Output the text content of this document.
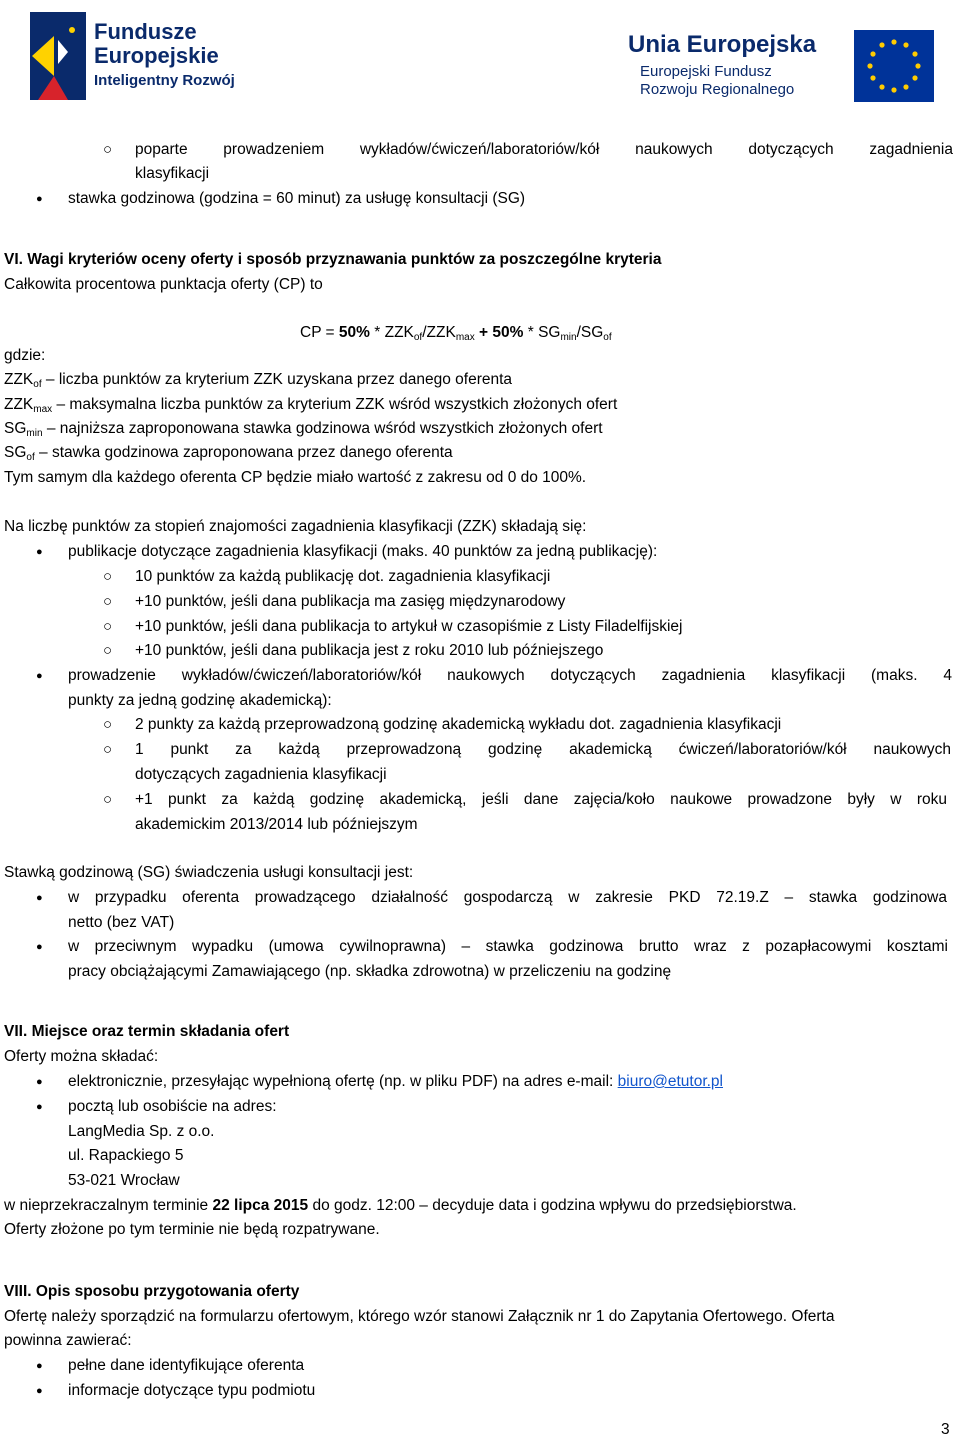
Fundusze
Europejskie
Inteligentny Rozwój
Unia Europejska
Europejski Fundusz
Rozwoju Regionalnego
○ poparte prowadzeniem wykładów/ćwiczeń/laboratoriów/kół naukowych dotyczących zagadnienia
klasyfikacji
● stawka godzinowa (godzina = 60 minut) za usługę konsultacji (SG)
VI. Wagi kryteriów oceny oferty i sposób przyznawania punktów za poszczególne kryteria
Całkowita procentowa punktacja oferty (CP) to
CP = $50\% * ZZK_{of}/ZZK_{max} + 50\% * SG_{min}/SG_{of}$
gdzie:
$ZZK_{of}$ – liczba punktów za kryterium ZZK uzyskana przez danego oferenta
$ZZK_{max}$ – maksymalna liczba punktów za kryterium ZZK wśród wszystkich złożonych ofert
$SG_{min}$ – najniższa zaproponowana stawka godzinowa wśród wszystkich złożonych ofert
$SG_{of}$ – stawka godzinowa zaproponowana przez danego oferenta
Tym samym dla każdego oferenta CP będzie miało wartość z zakresu od 0 do 100%.
Na liczbę punktów za stopień znajomości zagadnienia klasyfikacji (ZZK) składają się:
● publikacje dotyczące zagadnienia klasyfikacji (maks. 40 punktów za jedną publikację):
○ 10 punktów za każdą publikację dot. zagadnienia klasyfikacji
○ +10 punktów, jeśli dana publikacja ma zasięg międzynarodowy
○ +10 punktów, jeśli dana publikacja to artykuł w czasopiśmie z Listy Filadelfijskiej
○ +10 punktów, jeśli dana publikacja jest z roku 2010 lub późniejszego
● prowadzenie wykładów/ćwiczeń/laboratoriów/kół naukowych dotyczących zagadnienia klasyfikacji (maks. 4
punkty za jedną godzinę akademicką):
○ 2 punkty za każdą przeprowadzoną godzinę akademicką wykładu dot. zagadnienia klasyfikacji
○ 1 punkt za każdą przeprowadzoną godzinę akademicką ćwiczeń/laboratoriów/kół naukowych
dotyczących zagadnienia klasyfikacji
○ +1 punkt za każdą godzinę akademicką, jeśli dane zajęcia/koło naukowe prowadzone były w roku
akademickim 2013/2014 lub późniejszym
Stawką godzinową (SG) świadczenia usługi konsultacji jest:
● w przypadku oferenta prowadzącego działalność gospodarczą w zakresie PKD 72.19.Z – stawka godzinowa
netto (bez VAT)
● w przeciwnym wypadku (umowa cywilnoprawna) – stawka godzinowa brutto wraz z pozapłacowymi kosztami
pracy obciążającymi Zamawiającego (np. składka zdrowotna) w przeliczeniu na godzinę
VII. Miejsce oraz termin składania ofert
Oferty można składać:
● elektronicznie, przesyłając wypełnioną ofertę (np. w pliku PDF) na adres e-mail: biuro@etutor.pl
● pocztą lub osobiście na adres:
LangMedia Sp. z o.o.
ul. Rapackiego 5
53-021 Wrocław
w nieprzekraczalnym terminie 22 lipca 2015 do godz. 12:00 – decyduje data i godzina wpływu do przedsiębiorstwa.
Oferty złożone po tym terminie nie będą rozpatrywane.
VIII. Opis sposobu przygotowania oferty
Ofertę należy sporządzić na formularzu ofertowym, którego wzór stanowi Załącznik nr 1 do Zapytania Ofertowego. Oferta
powinna zawierać:
● pełne dane identyfikujące oferenta
● informacje dotyczące typu podmiotu
3
